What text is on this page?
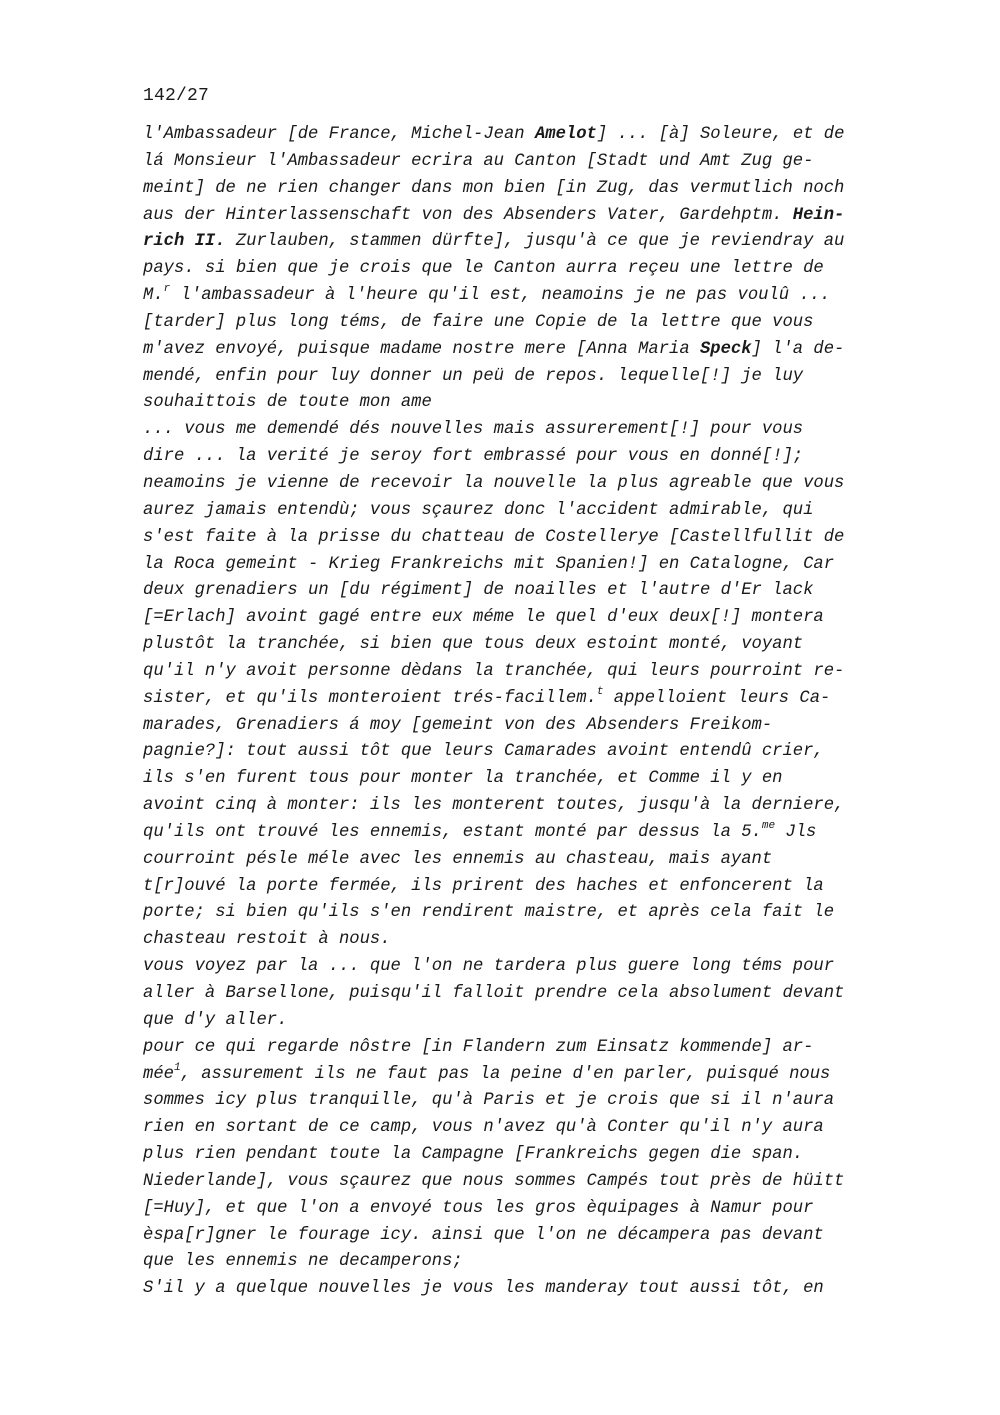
142/27
l'Ambassadeur [de France, Michel-Jean Amelot] ... [à] Soleure, et de
lá Monsieur l'Ambassadeur ecrira au Canton [Stadt und Amt Zug ge-
meint] de ne rien changer dans mon bien [in Zug, das vermutlich noch
aus der Hinterlassenschaft von des Absenders Vater, Gardehptm. Hein-
rich II. Zurlauben, stammen dürfte], jusqu'à ce que je reviendray au
pays. si bien que je crois que le Canton aurra reçeu une lettre de
M.$^r$ l'ambassadeur à l'heure qu'il est, neamoins je ne pas voulû ...
[tarder] plus long téms, de faire une Copie de la lettre que vous
m'avez envoyé, puisque madame nostre mere [Anna Maria Speck] l'a de-
mendé, enfin pour luy donner un peü de repos. lequelle[!] je luy
souhaittois de toute mon ame
... vous me demendé dés nouvelles mais assurerement[!] pour vous
dire ... la verité je seroy fort embrassé pour vous en donné[!];
neamoins je vienne de recevoir la nouvelle la plus agreable que vous
aurez jamais entendù; vous sçaurez donc l'accident admirable, qui
s'est faite à la prisse du chatteau de Costellerye [Castellfullit de
la Roca gemeint - Krieg Frankreichs mit Spanien!] en Catalogne, Car
deux grenadiers un [du régiment] de noailles et l'autre d'Er lack
[=Erlach] avoint gagé entre eux méme le quel d'eux deux[!] montera
plustôt la tranchée, si bien que tous deux estoint monté, voyant
qu'il n'y avoit personne dèdans la tranchée, qui leurs pourroint re-
sister, et qu'ils monteroient trés-facillem.$^t$ appelloient leurs Ca-
marades, Grenadiers á moy [gemeint von des Absenders Freikom-
pagnie?]: tout aussi tôt que leurs Camarades avoint entendû crier,
ils s'en furent tous pour monter la tranchée, et Comme il y en
avoint cinq à monter: ils les monterent toutes, jusqu'à la derniere,
qu'ils ont trouvé les ennemis, estant monté par dessus la 5.$^{me}$ Jls
courroint pésle méle avec les ennemis au chasteau, mais ayant
t[r]ouvé la porte fermée, ils prirent des haches et enfoncerent la
porte; si bien qu'ils s'en rendirent maistre, et après cela fait le
chasteau restoit à nous.
vous voyez par la ... que l'on ne tardera plus guere long téms pour
aller à Barsellone, puisqu'il falloit prendre cela absolument devant
que d'y aller.
pour ce qui regarde nôstre [in Flandern zum Einsatz kommende] ar-
mée$^1$, assurement ils ne faut pas la peine d'en parler, puisqué nous
sommes icy plus tranquille, qu'à Paris et je crois que si il n'aura
rien en sortant de ce camp, vous n'avez qu'à Conter qu'il n'y aura
plus rien pendant toute la Campagne [Frankreichs gegen die span.
Niederlande], vous sçaurez que nous sommes Campés tout près de hüitt
[=Huy], et que l'on a envoyé tous les gros èquipages à Namur pour
èspa[r]gner le fourage icy. ainsi que l'on ne décampera pas devant
que les ennemis ne decamperons;
S'il y a quelque nouvelles je vous les manderay tout aussi tôt, en
